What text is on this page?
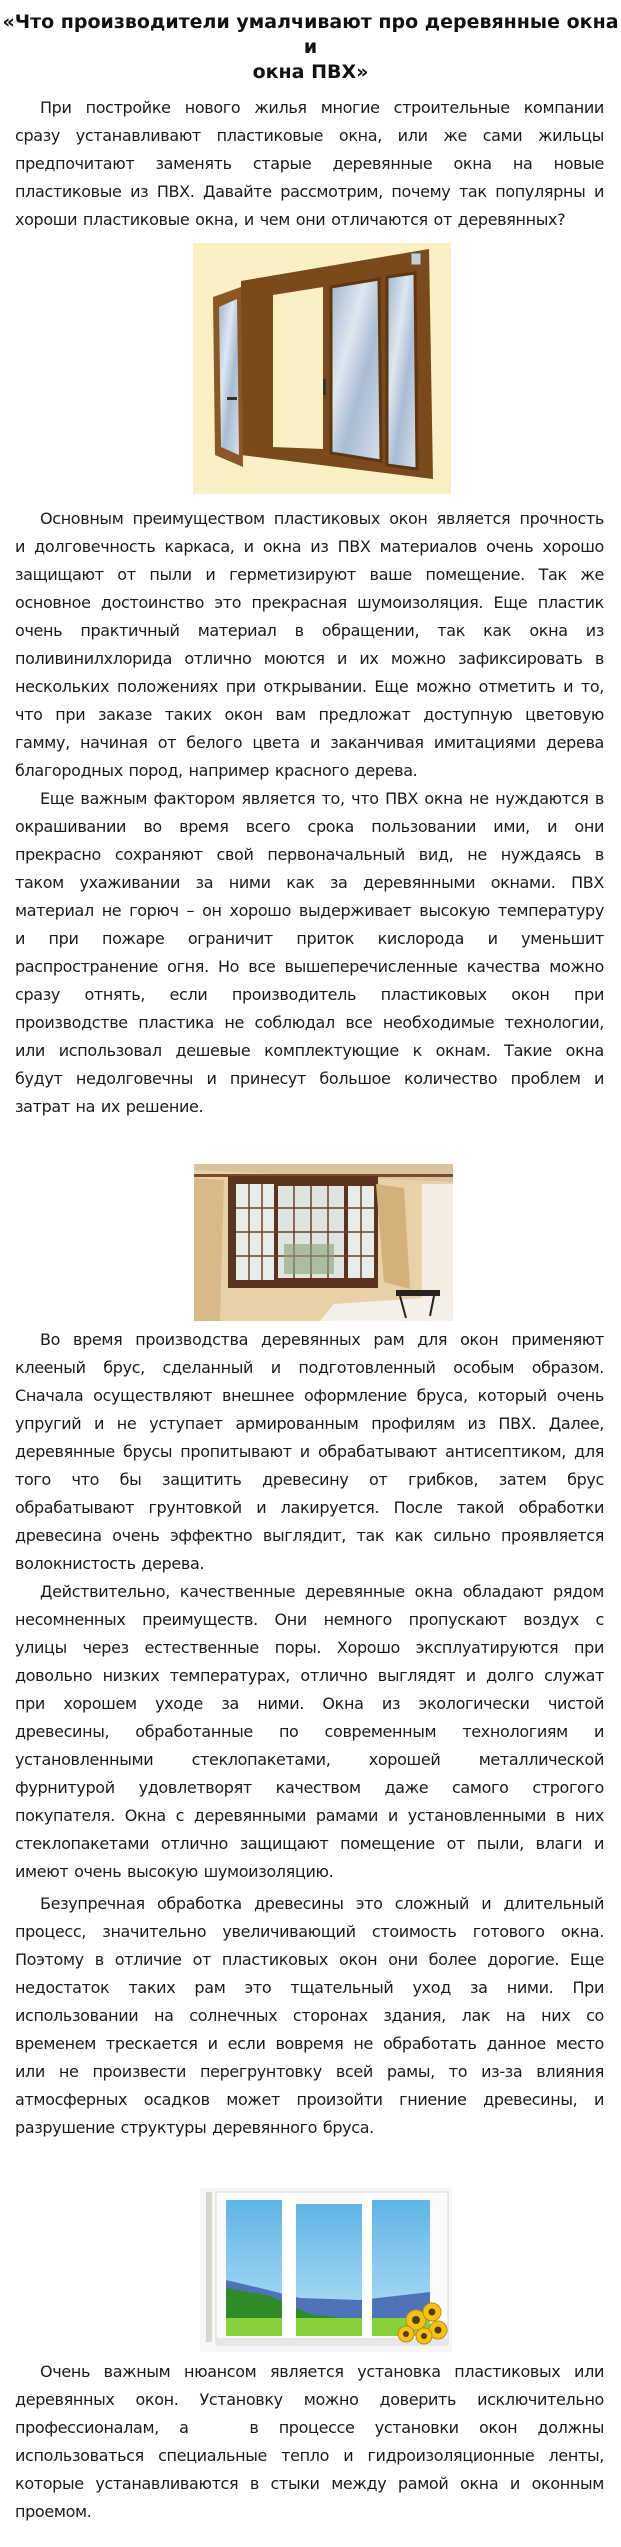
«Что производители умалчивают про деревянные окна и
окна ПВХ»
При постройке нового жилья многие строительные компании
сразу устанавливают пластиковые окна, или же сами жильцы
предпочитают заменять старые деревянные окна на новые
пластиковые из ПВХ. Давайте рассмотрим, почему так популярны и
хороши пластиковые окна, и чем они отличаются от деревянных?
Основным преимуществом пластиковых окон является прочность
и долговечность каркаса, и окна из ПВХ материалов очень хорошо
защищают от пыли и герметизируют ваше помещение. Так же
основное достоинство это прекрасная шумоизоляция. Еще пластик
очень практичный материал в обращении, так как окна из
поливинилхлорида отлично моются и их можно зафиксировать в
нескольких положениях при открывании. Еще можно отметить и то,
что при заказе таких окон вам предложат доступную цветовую
гамму, начиная от белого цвета и заканчивая имитациями дерева
благородных пород, например красного дерева.
Еще важным фактором является то, что ПВХ окна не нуждаются в
окрашивании во время всего срока пользовании ими, и они
прекрасно сохраняют свой первоначальный вид, не нуждаясь в
таком ухаживании за ними как за деревянными окнами. ПВХ
материал не горюч – он хорошо выдерживает высокую температуру
и при пожаре ограничит приток кислорода и уменьшит
распространение огня. Но все вышеперечисленные качества можно
сразу отнять, если производитель пластиковых окон при
производстве пластика не соблюдал все необходимые технологии,
или использовал дешевые комплектующие к окнам. Такие окна
будут недолговечны и принесут большое количество проблем и
затрат на их решение.
Во время производства деревянных рам для окон применяют
клееный брус, сделанный и подготовленный особым образом.
Сначала осуществляют внешнее оформление бруса, который очень
упругий и не уступает армированным профилям из ПВХ. Далее,
деревянные брусы пропитывают и обрабатывают антисептиком, для
того что бы защитить древесину от грибков, затем брус
обрабатывают грунтовкой и лакируется. После такой обработки
древесина очень эффектно выглядит, так как сильно проявляется
волокнистость дерева.
Действительно, качественные деревянные окна обладают рядом
несомненных преимуществ. Они немного пропускают воздух с
улицы через естественные поры. Хорошо эксплуатируются при
довольно низких температурах, отлично выглядят и долго служат
при хорошем уходе за ними. Окна из экологически чистой
древесины, обработанные по современным технологиям и
установленными стеклопакетами, хорошей металлической
фурнитурой удовлетворят качеством даже самого строгого
покупателя. Окна с деревянными рамами и установленными в них
стеклопакетами отлично защищают помещение от пыли, влаги и
имеют очень высокую шумоизоляцию.
Безупречная обработка древесины это сложный и длительный
процесс, значительно увеличивающий стоимость готового окна.
Поэтому в отличие от пластиковых окон они более дорогие. Еще
недостаток таких рам это тщательный уход за ними. При
использовании на солнечных сторонах здания, лак на них со
временем трескается и если вовремя не обработать данное место
или не произвести перегрунтовку всей рамы, то из-за влияния
атмосферных осадков может произойти гниение древесины, и
разрушение структуры деревянного бруса.
Очень важным нюансом является установка пластиковых или
деревянных окон. Установку можно доверить исключительно
профессионалам, а   в процессе установки окон должны
использоваться специальные тепло и гидроизоляционные ленты,
которые устанавливаются в стыки между рамой окна и оконным
проемом.
